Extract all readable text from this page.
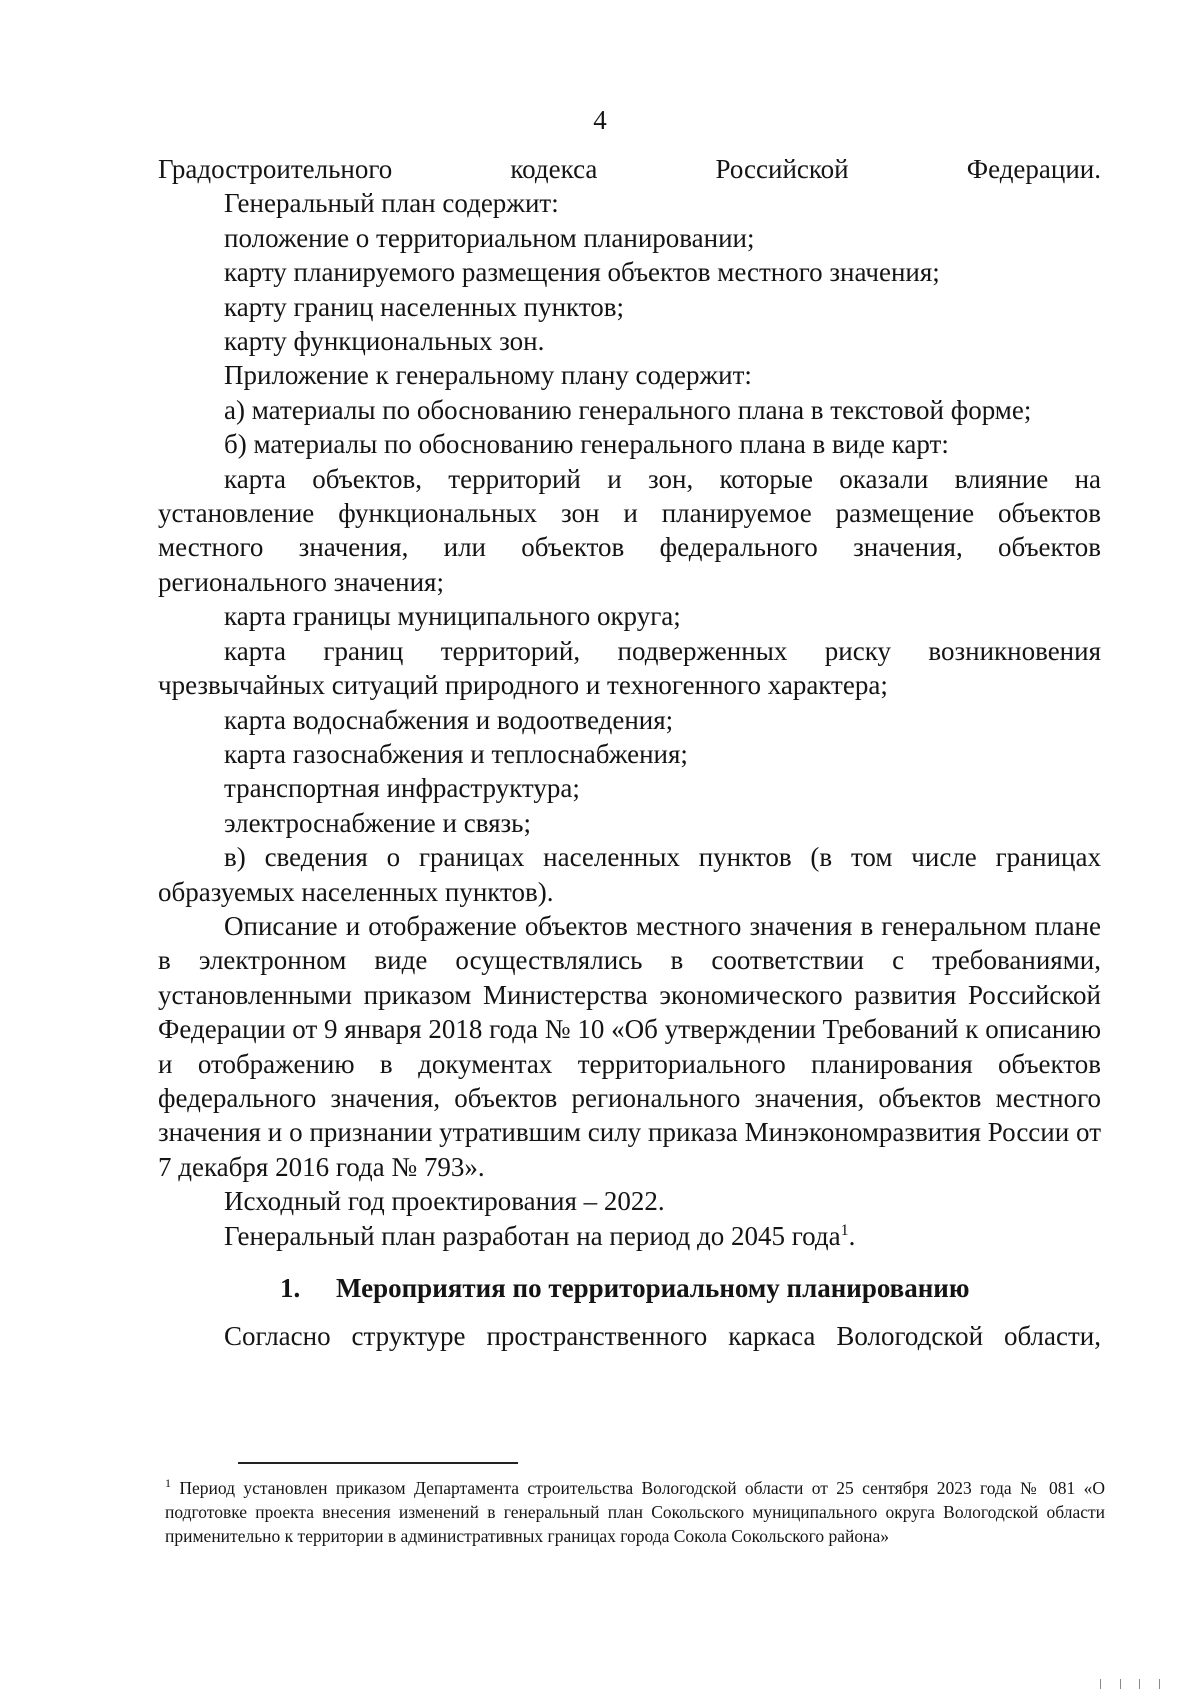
4

Градостроительного кодекса Российской Федерации.

Генеральный план содержит:

положение о территориальном планировании;

карту планируемого размещения объектов местного значения;

карту границ населенных пунктов;

карту функциональных зон.

Приложение к генеральному плану содержит:

а) материалы по обоснованию генерального плана в текстовой форме;

б) материалы по обоснованию генерального плана в виде карт:

карта объектов, территорий и зон, которые оказали влияние на установление функциональных зон и планируемое размещение объектов местного значения, или объектов федерального значения, объектов регионального значения;

карта границы муниципального округа;

карта границ территорий, подверженных риску возникновения чрезвычайных ситуаций природного и техногенного характера;

карта водоснабжения и водоотведения;

карта газоснабжения и теплоснабжения;

транспортная инфраструктура;

электроснабжение и связь;

в) сведения о границах населенных пунктов (в том числе границах образуемых населенных пунктов).

Описание и отображение объектов местного значения в генеральном плане в электронном виде осуществлялись в соответствии с требованиями, установленными приказом Министерства экономического развития Российской Федерации от 9 января 2018 года № 10 «Об утверждении Требований к описанию и отображению в документах территориального планирования объектов федерального значения, объектов регионального значения, объектов местного значения и о признании утратившим силу приказа Минэкономразвития России от 7 декабря 2016 года № 793».

Исходный год проектирования – 2022.

Генеральный план разработан на период до 2045 года$^1$.

1.	Мероприятия по территориальному планированию

Согласно структуре пространственного каркаса Вологодской области,

$^1$ Период установлен приказом Департамента строительства Вологодской области от 25 сентября 2023 года № 081 «О подготовке проекта внесения изменений в генеральный план Сокольского муниципального округа Вологодской области применительно к территории в административных границах города Сокола Сокольского района»
